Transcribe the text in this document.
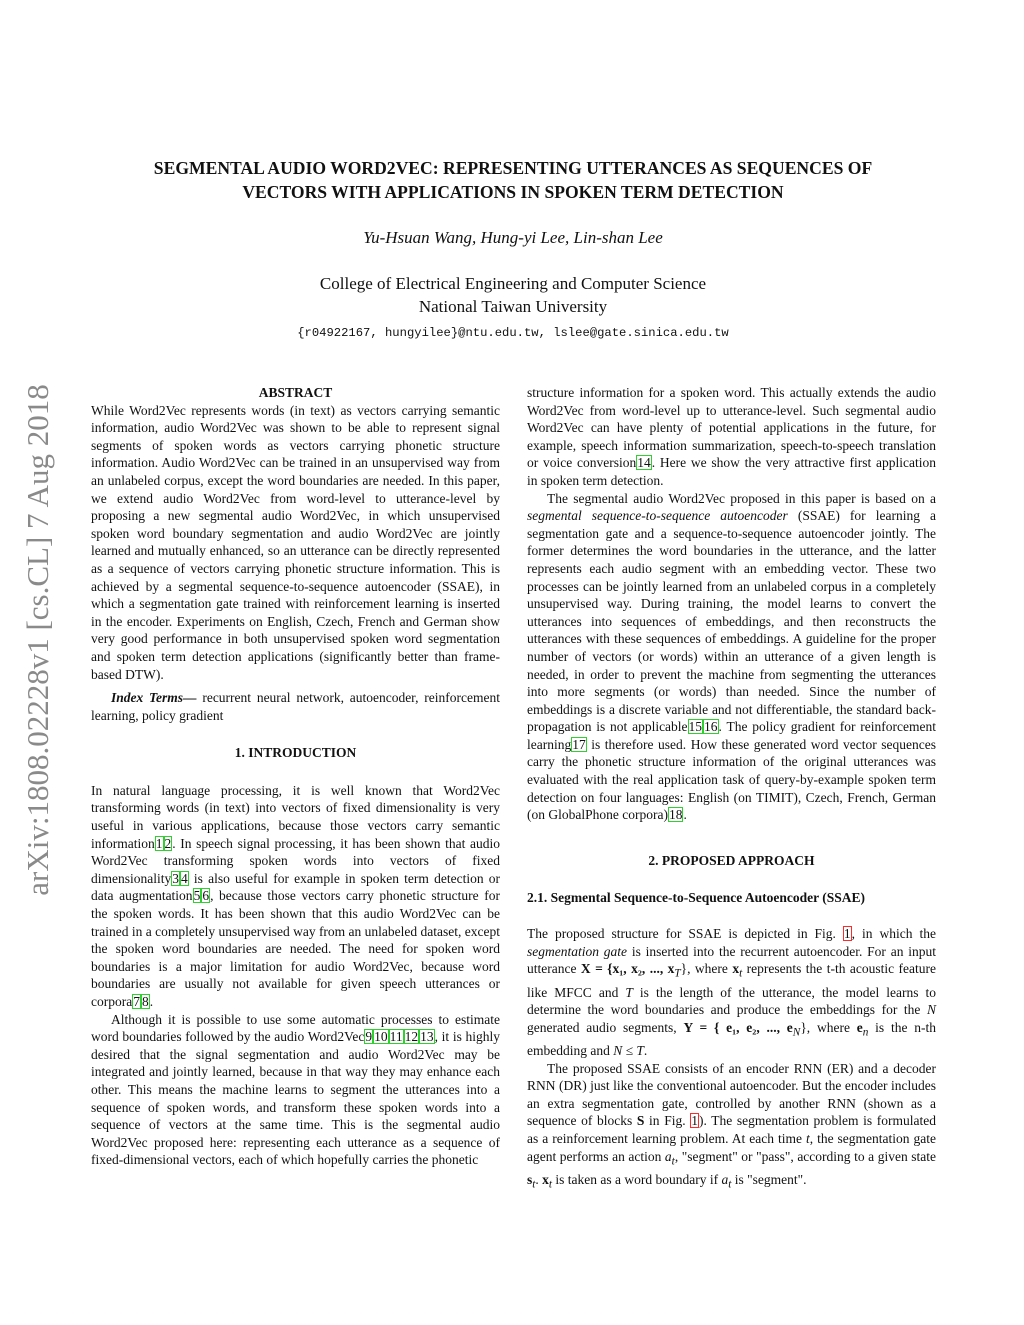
arXiv:1808.02228v1 [cs.CL] 7 Aug 2018
SEGMENTAL AUDIO WORD2VEC: REPRESENTING UTTERANCES AS SEQUENCES OF
VECTORS WITH APPLICATIONS IN SPOKEN TERM DETECTION
Yu-Hsuan Wang, Hung-yi Lee, Lin-shan Lee
College of Electrical Engineering and Computer Science
National Taiwan University
{r04922167, hungyilee}@ntu.edu.tw, lslee@gate.sinica.edu.tw
ABSTRACT

While Word2Vec represents words (in text) as vectors carrying semantic information, audio Word2Vec was shown to be able to represent signal segments of spoken words as vectors carrying phonetic structure information. Audio Word2Vec can be trained in an unsupervised way from an unlabeled corpus, except the word boundaries are needed. In this paper, we extend audio Word2Vec from word-level to utterance-level by proposing a new segmental audio Word2Vec, in which unsupervised spoken word boundary segmentation and audio Word2Vec are jointly learned and mutually enhanced, so an utterance can be directly represented as a sequence of vectors carrying phonetic structure information. This is achieved by a segmental sequence-to-sequence autoencoder (SSAE), in which a segmentation gate trained with reinforcement learning is inserted in the encoder. Experiments on English, Czech, French and German show very good performance in both unsupervised spoken word segmentation and spoken term detection applications (significantly better than frame-based DTW).

Index Terms— recurrent neural network, autoencoder, reinforcement learning, policy gradient

1. INTRODUCTION

In natural language processing, it is well known that Word2Vec transforming words (in text) into vectors of fixed dimensionality is very useful in various applications, because those vectors carry semantic information1 2. In speech signal processing, it has been shown that audio Word2Vec transforming spoken words into vectors of fixed dimensionality3 4 is also useful for example in spoken term detection or data augmentation5 6, because those vectors carry phonetic structure for the spoken words. It has been shown that this audio Word2Vec can be trained in a completely unsupervised way from an unlabeled dataset, except the spoken word boundaries are needed. The need for spoken word boundaries is a major limitation for audio Word2Vec, because word boundaries are usually not available for given speech utterances or corpora7 8.

Although it is possible to use some automatic processes to estimate word boundaries followed by the audio Word2Vec9 10 11 12 13, it is highly desired that the signal segmentation and audio Word2Vec may be integrated and jointly learned, because in that way they may enhance each other. This means the machine learns to segment the utterances into a sequence of spoken words, and transform these spoken words into a sequence of vectors at the same time. This is the segmental audio Word2Vec proposed here: representing each utterance as a sequence of fixed-dimensional vectors, each of which hopefully carries the phonetic

structure information for a spoken word. This actually extends the audio Word2Vec from word-level up to utterance-level. Such segmental audio Word2Vec can have plenty of potential applications in the future, for example, speech information summarization, speech-to-speech translation or voice conversion14. Here we show the very attractive first application in spoken term detection.

The segmental audio Word2Vec proposed in this paper is based on a segmental sequence-to-sequence autoencoder (SSAE) for learning a segmentation gate and a sequence-to-sequence autoencoder jointly. The former determines the word boundaries in the utterance, and the latter represents each audio segment with an embedding vector. These two processes can be jointly learned from an unlabeled corpus in a completely unsupervised way. During training, the model learns to convert the utterances into sequences of embeddings, and then reconstructs the utterances with these sequences of embeddings. A guideline for the proper number of vectors (or words) within an utterance of a given length is needed, in order to prevent the machine from segmenting the utterances into more segments (or words) than needed. Since the number of embeddings is a discrete variable and not differentiable, the standard back-propagation is not applicable15 16. The policy gradient for reinforcement learning17 is therefore used. How these generated word vector sequences carry the phonetic structure information of the original utterances was evaluated with the real application task of query-by-example spoken term detection on four languages: English (on TIMIT), Czech, French, German (on GlobalPhone corpora)18.

2. PROPOSED APPROACH
2.1. Segmental Sequence-to-Sequence Autoencoder (SSAE)

The proposed structure for SSAE is depicted in Fig. 1, in which the segmentation gate is inserted into the recurrent autoencoder. For an input utterance X = {x₁, x₂, ..., $x_T$}, where $x_t$ represents the t-th acoustic feature like MFCC and T is the length of the utterance, the model learns to determine the word boundaries and produce the embeddings for the N generated audio segments, Y = { e₁, e₂, ..., $e_N$}, where $e_n$ is the n-th embedding and N ≤ T.

The proposed SSAE consists of an encoder RNN (ER) and a decoder RNN (DR) just like the conventional autoencoder. But the encoder includes an extra segmentation gate, controlled by another RNN (shown as a sequence of blocks S in Fig. 1). The segmentation problem is formulated as a reinforcement learning problem. At each time t, the segmentation gate agent performs an action $a_t$, "segment" or "pass", according to a given state $s_t$. $x_t$ is taken as a word boundary if $a_t$ is "segment".
